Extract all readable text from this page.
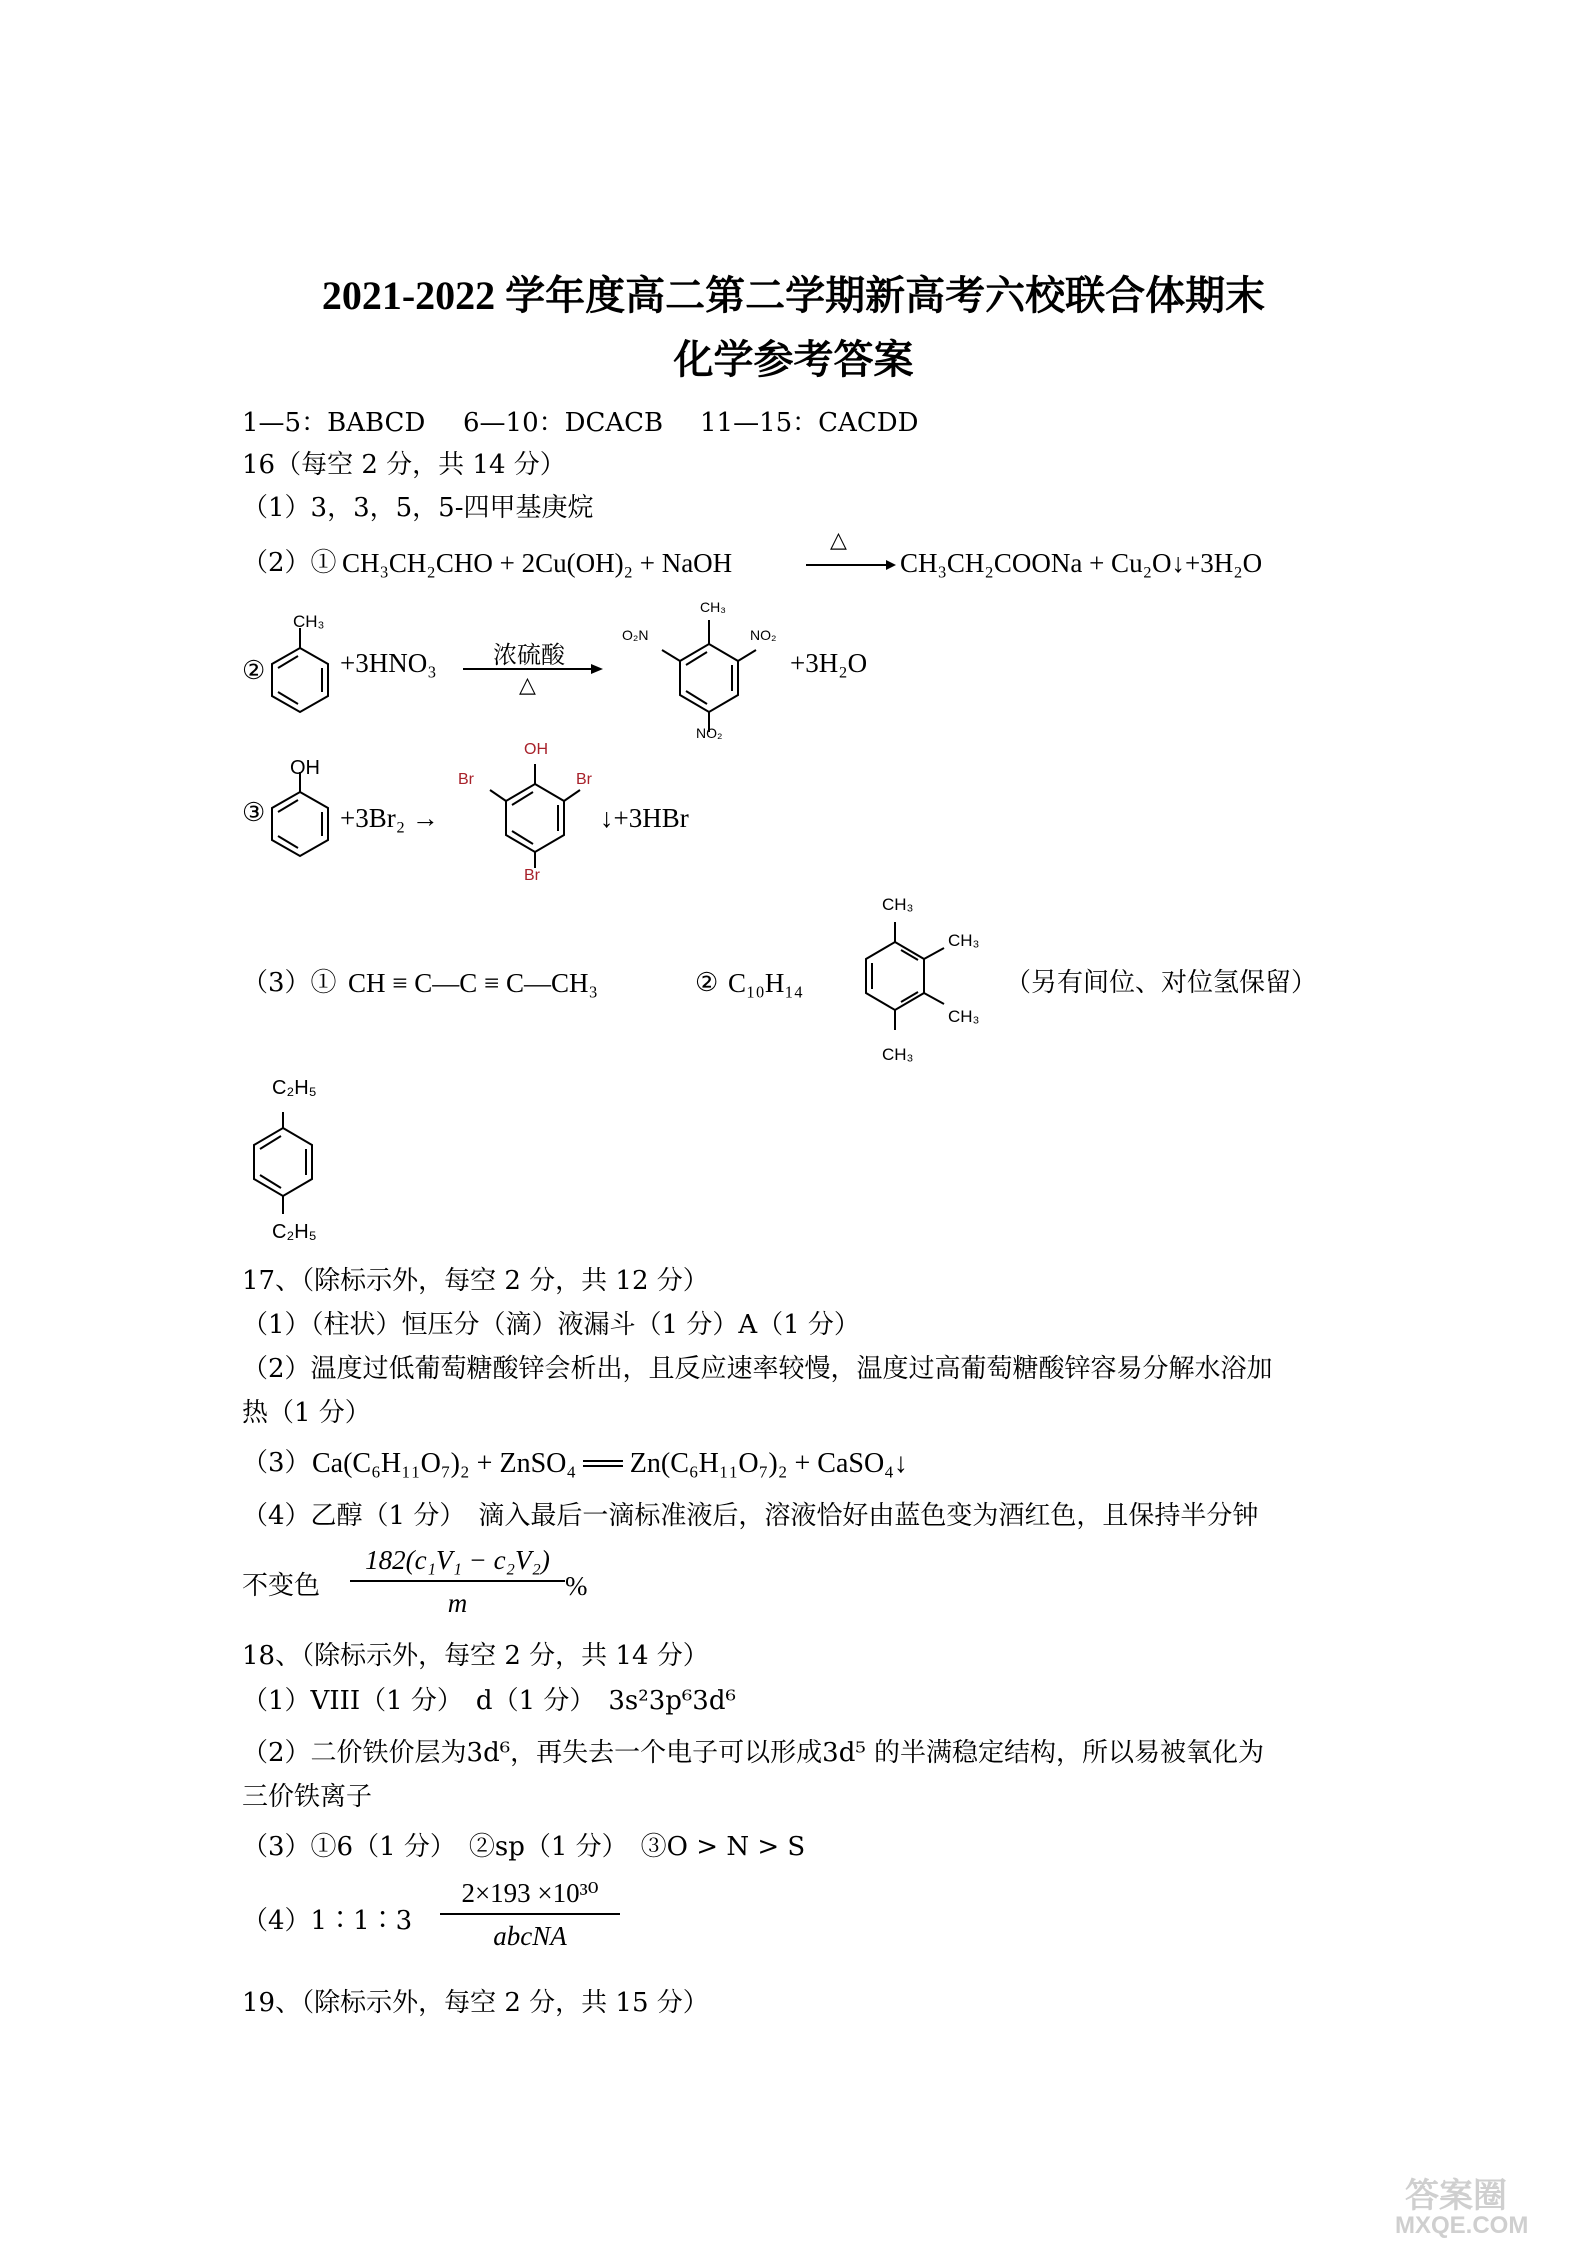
2021-2022 学年度高二第二学期新高考六校联合体期末
化学参考答案
1—5：BABCD 6—10：DCACB 11—15：CACDD
16（每空 2 分，共 14 分）
（1）3，3，5，5-四甲基庚烷
（2）① CH₃CH₂CHO + 2Cu(OH)₂ + NaOH
△
CH₃CH₂COONa + Cu₂O↓+3H₂O
②
CH₃
+3HNO₃ 浓硫酸
△
CH₃
O₂N	NO₂
NO₂
+3H₂O
③
OH
+3Br₂ →
OH
Br	Br
Br
↓+3HBr
（3）① CH ≡ C—C ≡ C—CH₃	② C₁₀H₁₄
CH₃
CH₃
CH₃
CH₃
（另有间位、对位氢保留）
C₂H₅
C₂H₅
17、（除标示外，每空 2 分，共 12 分）
（1）（柱状）恒压分（滴）液漏斗（1 分）A（1 分）
（2）温度过低葡萄糖酸锌会析出，且反应速率较慢，温度过高葡萄糖酸锌容易分解水浴加
热（1 分）
（3） Ca(C₆H₁₁O₇)₂ + ZnSO₄ ══ Zn(C₆H₁₁O₇)₂ + CaSO₄↓
（4）乙醇（1 分）　滴入最后一滴标准液后，溶液恰好由蓝色变为酒红色，且保持半分钟
不变色 $\frac{\text{182(c₁V₁ − c₂V₂)}}{m}$ %
18、（除标示外，每空 2 分，共 14 分）
（1）VIII（1 分）　d（1 分）　3s²3p⁶3d⁶
（2）二价铁价层为3d⁶，再失去一个电子可以形成3d⁵ 的半满稳定结构，所以易被氧化为
三价铁离子
（3）①6（1 分）　②sp（1 分）　③O > N > S
（4）1∶1∶3
2×193 ×10³⁰
abcNA
19、（除标示外，每空 2 分，共 15 分）
答案圈
MXQE.COM
